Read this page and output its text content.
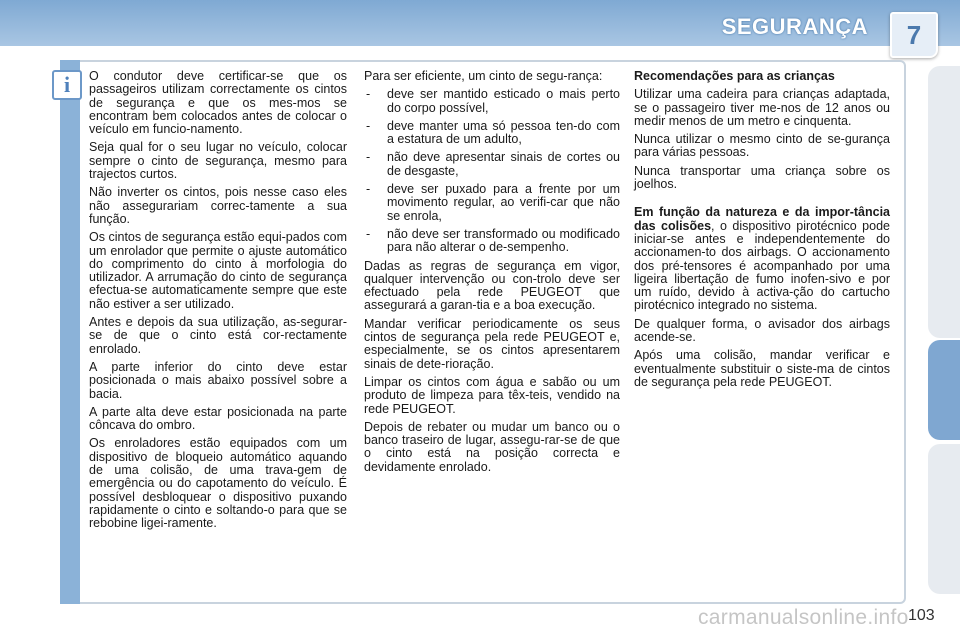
SEGURANÇA	7
i	O condutor deve certificar-se que os passageiros utilizam correctamente os cintos de segurança e que os mes-mos se encontram bem colocados antes de colocar o veículo em funcio-namento.

Seja qual for o seu lugar no veículo, colocar sempre o cinto de segurança, mesmo para trajectos curtos.

Não inverter os cintos, pois nesse caso eles não assegurariam correc-tamente a sua função.

Os cintos de segurança estão equi-pados com um enrolador que permite o ajuste automático do comprimento do cinto à morfologia do utilizador. A arrumação do cinto de segurança efectua-se automaticamente sempre que este não estiver a ser utilizado.

Antes e depois da sua utilização, as-segurar-se de que o cinto está cor-rectamente enrolado.

A parte inferior do cinto deve estar posicionada o mais abaixo possível sobre a bacia.

A parte alta deve estar posicionada na parte côncava do ombro.

Os enroladores estão equipados com um dispositivo de bloqueio automático aquando de uma colisão, de uma trava-gem de emergência ou do capotamento do veículo. É possível desbloquear o dispositivo puxando rapidamente o cinto e soltando-o para que se rebobine ligei-ramente.

Para ser eficiente, um cinto de segu-rança:

- deve ser mantido esticado o mais perto do corpo possível,
- deve manter uma só pessoa ten-do com a estatura de um adulto,
- não deve apresentar sinais de cortes ou de desgaste,
- deve ser puxado para a frente por um movimento regular, ao verifi-car que não se enrola,
- não deve ser transformado ou modificado para não alterar o de-sempenho.

Dadas as regras de segurança em vigor, qualquer intervenção ou con-trolo deve ser efectuado pela rede PEUGEOT que assegurará a garan-tia e a boa execução.

Mandar verificar periodicamente os seus cintos de segurança pela rede PEUGEOT e, especialmente, se os cintos apresentarem sinais de dete-rioração.

Limpar os cintos com água e sabão ou um produto de limpeza para têx-teis, vendido na rede PEUGEOT.

Depois de rebater ou mudar um banco ou o banco traseiro de lugar, assegu-rar-se de que o cinto está na posição correcta e devidamente enrolado.

Recomendações para as crianças

Utilizar uma cadeira para crianças adaptada, se o passageiro tiver me-nos de 12 anos ou medir menos de um metro e cinquenta.

Nunca utilizar o mesmo cinto de se-gurança para várias pessoas.

Nunca transportar uma criança sobre os joelhos.

Em função da natureza e da impor-tância das colisões, o dispositivo pirotécnico pode iniciar-se antes e independentemente do accionamen-to dos airbags. O accionamento dos pré-tensores é acompanhado por uma ligeira libertação de fumo inofen-sivo e por um ruído, devido à activa-ção do cartucho pirotécnico integrado no sistema.

De qualquer forma, o avisador dos airbags acende-se.

Após uma colisão, mandar verificar e eventualmente substituir o siste-ma de cintos de segurança pela rede PEUGEOT.

carmanualsonline.info 103
